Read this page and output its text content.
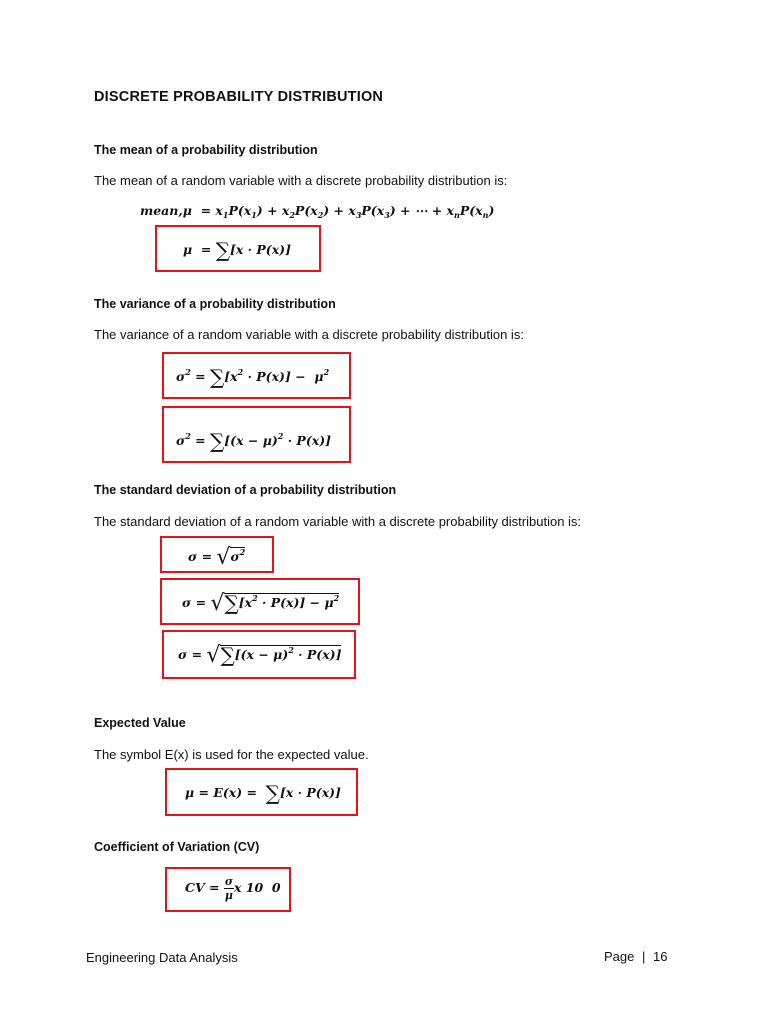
DISCRETE PROBABILITY DISTRIBUTION
The mean of a probability distribution
The mean of a random variable with a discrete probability distribution is:
mean,μ  = $x_1P(x_1) + x_2P(x_2) + x_3P(x_3)$ + ⋯ + $x_nP(x_n)$
μ  = ∑[x · P(x)]
The variance of a probability distribution
The variance of a random variable with a discrete probability distribution is:
$\sigma^2 = \sum[x^2 \cdot P(x)] - \mu^2$
$\sigma^2 = \sum[(x - \mu)^2 \cdot P(x)]$
The standard deviation of a probability distribution
The standard deviation of a random variable with a discrete probability distribution is:
$\sigma = √\sigma^2$
$\sigma = √\sum[x^2 \cdot P(x)] - \mu^2$
$\sigma = √\sum[(x - \mu)^2 \cdot P(x)]$
Expected Value
The symbol E(x) is used for the expected value.
μ = E(x) =  ∑[x · P(x)]
Coefficient of Variation (CV)
CV = $\frac{\sigma}{\mu}$ x 10  0
Engineering Data Analysis	Page | 16
